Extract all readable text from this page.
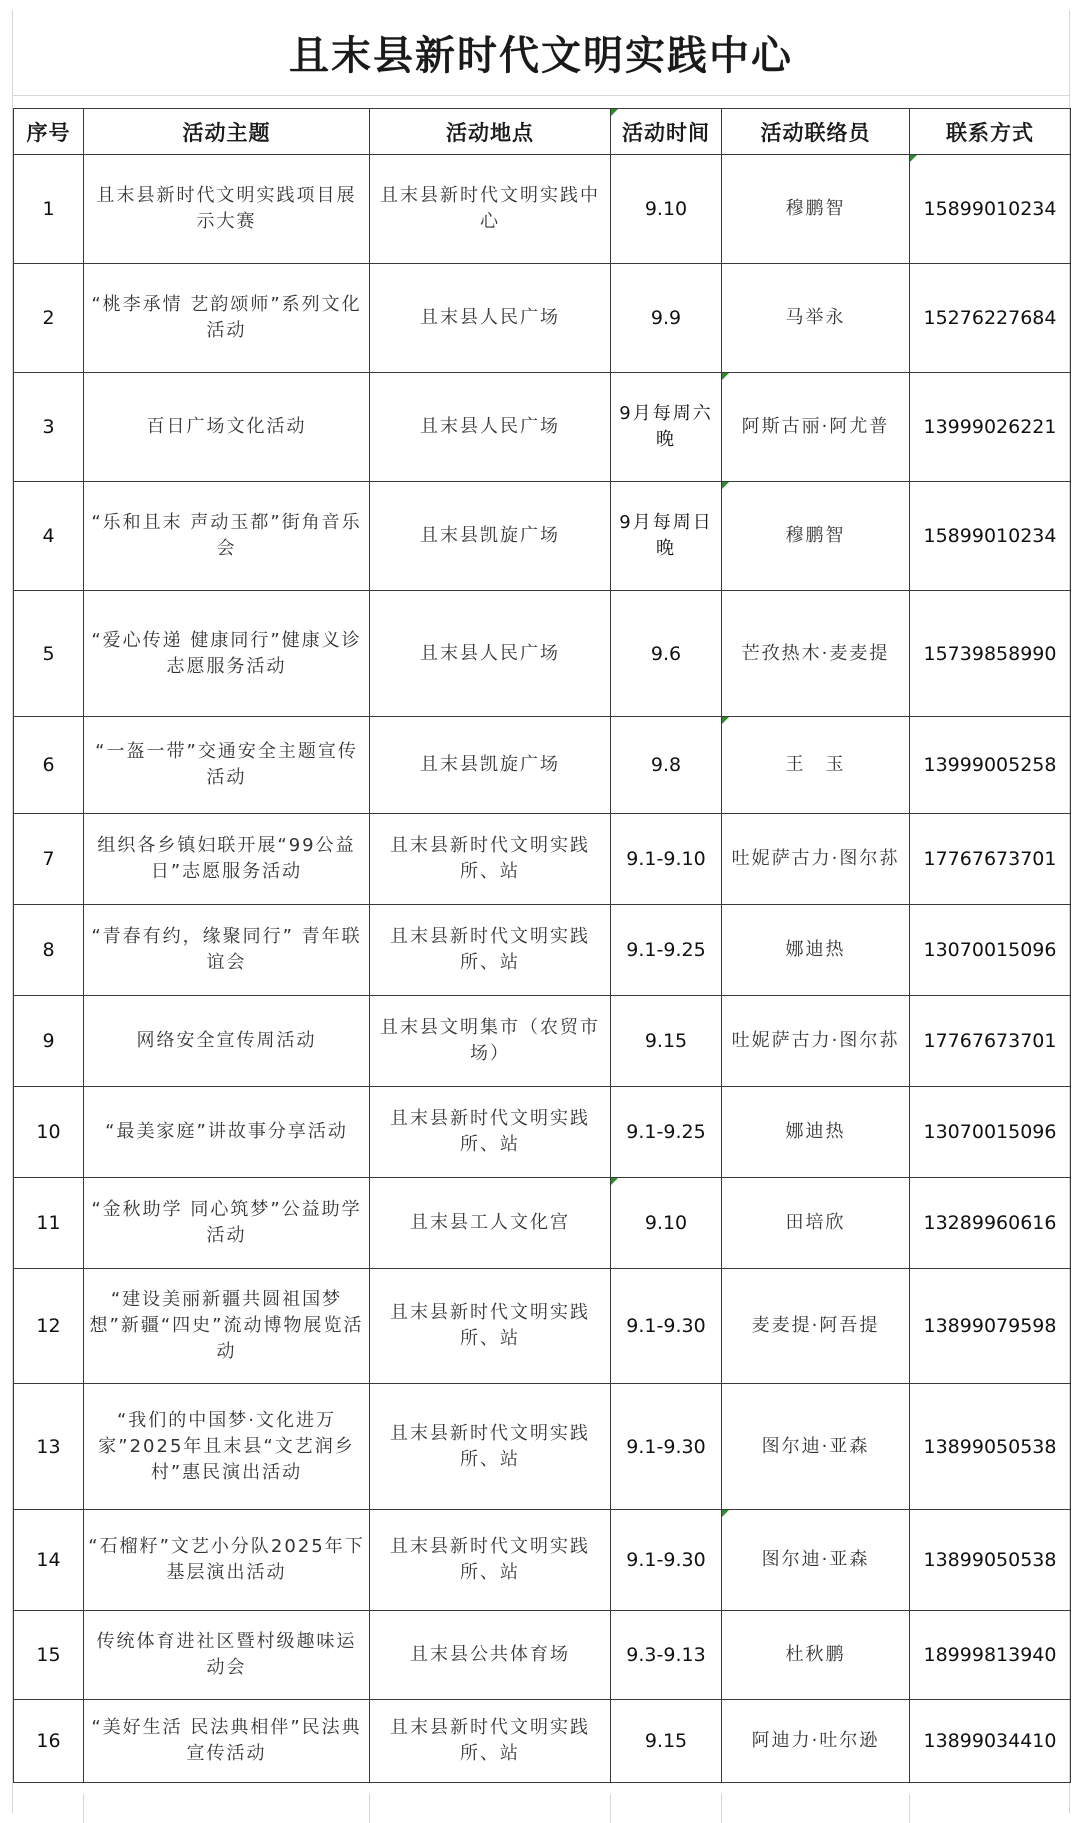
且末县新时代文明实践中心
序号	活动主题	活动地点	活动时间	活动联络员	联系方式
1	且末县新时代文明实践项目展示大赛	且末县新时代文明实践中心	9.10	穆鹏智	15899010234
2	“桃李承情 艺韵颂师”系列文化活动	且末县人民广场	9.9	马举永	15276227684
3	百日广场文化活动	且末县人民广场	9月每周六晚	阿斯古丽·阿尤普	13999026221
4	“乐和且末 声动玉都”街角音乐会	且末县凯旋广场	9月每周日晚	穆鹏智	15899010234
5	“爱心传递 健康同行”健康义诊志愿服务活动	且末县人民广场	9.6	芒孜热木·麦麦提	15739858990
6	“一盔一带”交通安全主题宣传活动	且末县凯旋广场	9.8	王　玉	13999005258
7	组织各乡镇妇联开展“99公益日”志愿服务活动	且末县新时代文明实践所、站	9.1-9.10	吐妮萨古力·图尔荪	17767673701
8	“青春有约，缘聚同行” 青年联谊会	且末县新时代文明实践所、站	9.1-9.25	娜迪热	13070015096
9	网络安全宣传周活动	且末县文明集市（农贸市场）	9.15	吐妮萨古力·图尔荪	17767673701
10	“最美家庭”讲故事分享活动	且末县新时代文明实践所、站	9.1-9.25	娜迪热	13070015096
11	“金秋助学 同心筑梦”公益助学活动	且末县工人文化宫	9.10	田培欣	13289960616
12	“建设美丽新疆共圆祖国梦想”新疆“四史”流动博物展览活动	且末县新时代文明实践所、站	9.1-9.30	麦麦提·阿吾提	13899079598
13	“我们的中国梦·文化进万家”2025年且末县“文艺润乡村”惠民演出活动	且末县新时代文明实践所、站	9.1-9.30	图尔迪·亚森	13899050538
14	“石榴籽”文艺小分队2025年下基层演出活动	且末县新时代文明实践所、站	9.1-9.30	图尔迪·亚森	13899050538
15	传统体育进社区暨村级趣味运动会	且末县公共体育场	9.3-9.13	杜秋鹏	18999813940
16	“美好生活 民法典相伴”民法典宣传活动	且末县新时代文明实践所、站	9.15	阿迪力·吐尔逊	13899034410
